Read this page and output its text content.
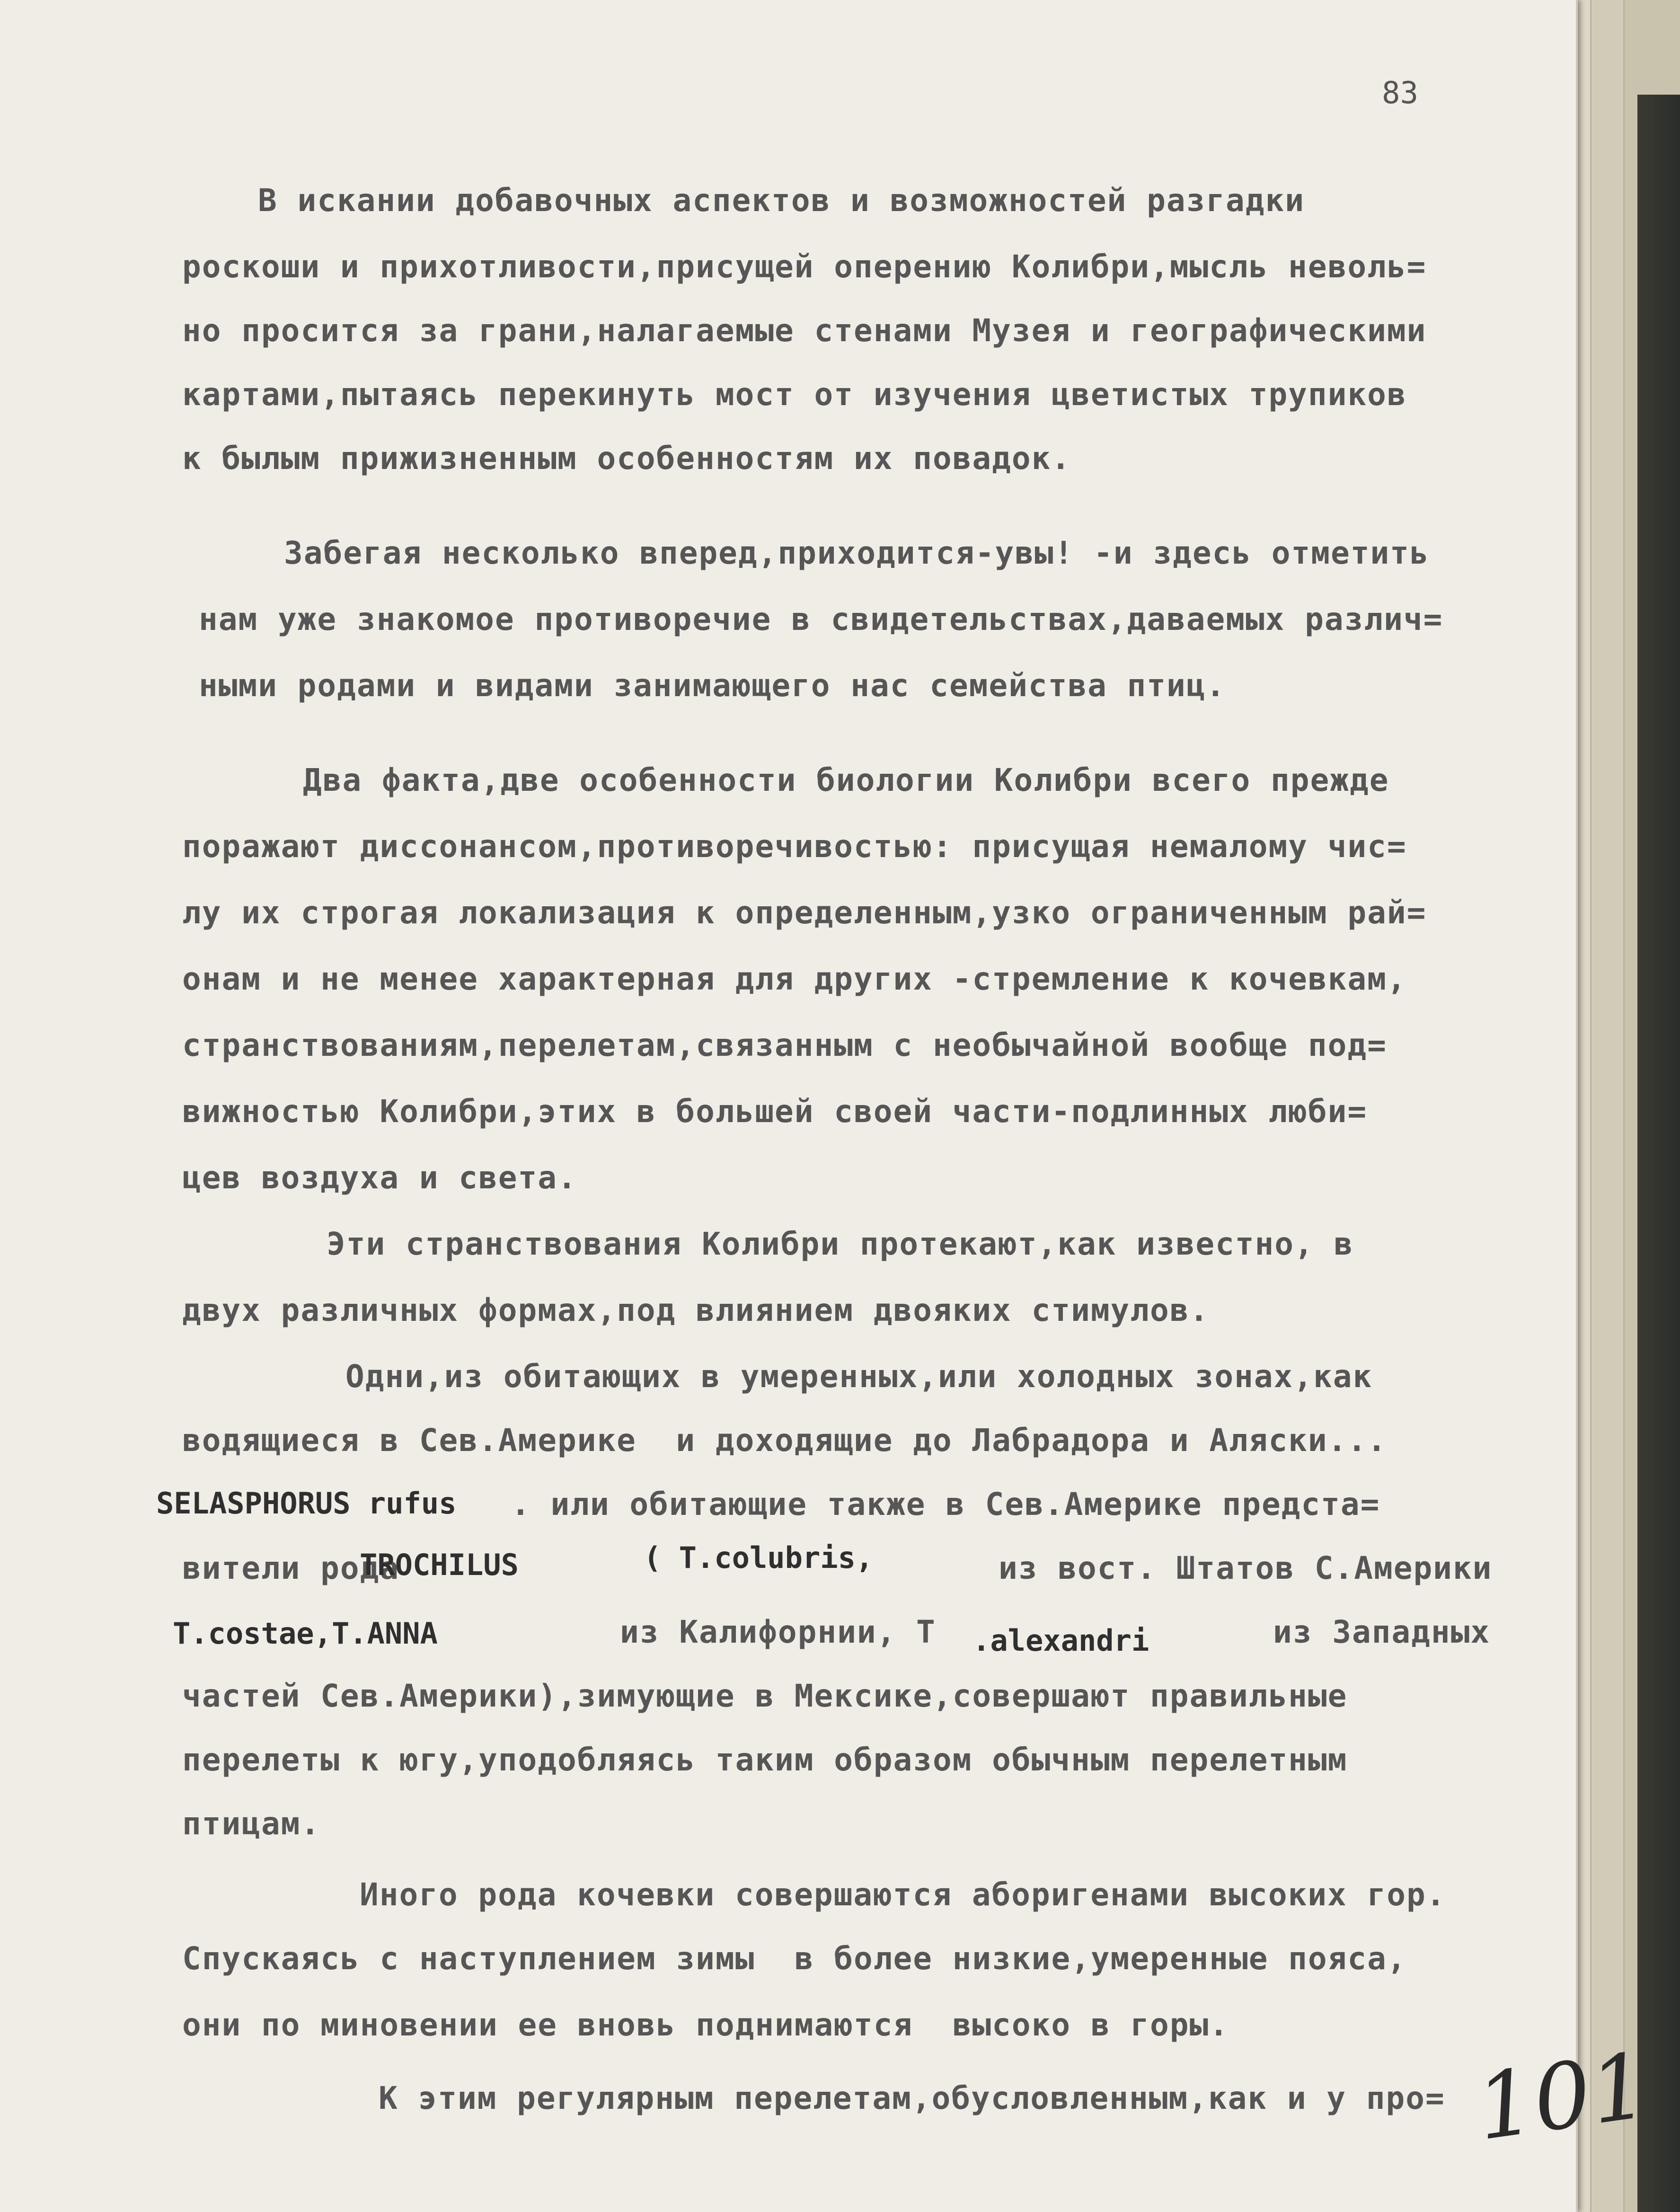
83
В искании добавочных аспектов и возможностей разгадки
роскоши и прихотливости,присущей оперению Колибри,мысль неволь=
но просится за грани,налагаемые стенами Музея и географическими
картами,пытаясь перекинуть мост от изучения цветистых трупиков
к былым прижизненным особенностям их повадок.
Забегая несколько вперед,приходится-увы! -и здесь отметить
нам уже знакомое противоречие в свидетельствах,даваемых различ=
ными родами и видами занимающего нас семейства птиц.
Два факта,две особенности биологии Колибри всего прежде
поражают диссонансом,противоречивостью: присущая немалому чис=
лу их строгая локализация к определенным,узко ограниченным рай=
онам и не менее характерная для других -стремление к кочевкам,
странствованиям,перелетам,связанным с необычайной вообще под=
вижностью Колибри,этих в большей своей части-подлинных люби=
цев воздуха и света.
Эти странствования Колибри протекают,как известно, в
двух различных формах,под влиянием двояких стимулов.
Одни,из обитающих в умеренных,или холодных зонах,как
водящиеся в Сев.Америке  и доходящие до Лабрадора и Аляски...
SELASPHORUS rufus . или обитающие также в Сев.Америке предста=
вители рода
TROCHILUS	( T.colubris,	из вост. Штатов С.Америки
T.costae,T.ANNA	из Калифорнии, T .alexandri	из Западных
частей Сев.Америки),зимующие в Мексике,совершают правильные
перелеты к югу,уподобляясь таким образом обычным перелетным
птицам.
Иного рода кочевки совершаются аборигенами высоких гор.
Спускаясь с наступлением зимы  в более низкие,умеренные пояса,
они по миновении ее вновь поднимаются  высоко в горы.
К этим регулярным перелетам,обусловленным,как и у про= 101
